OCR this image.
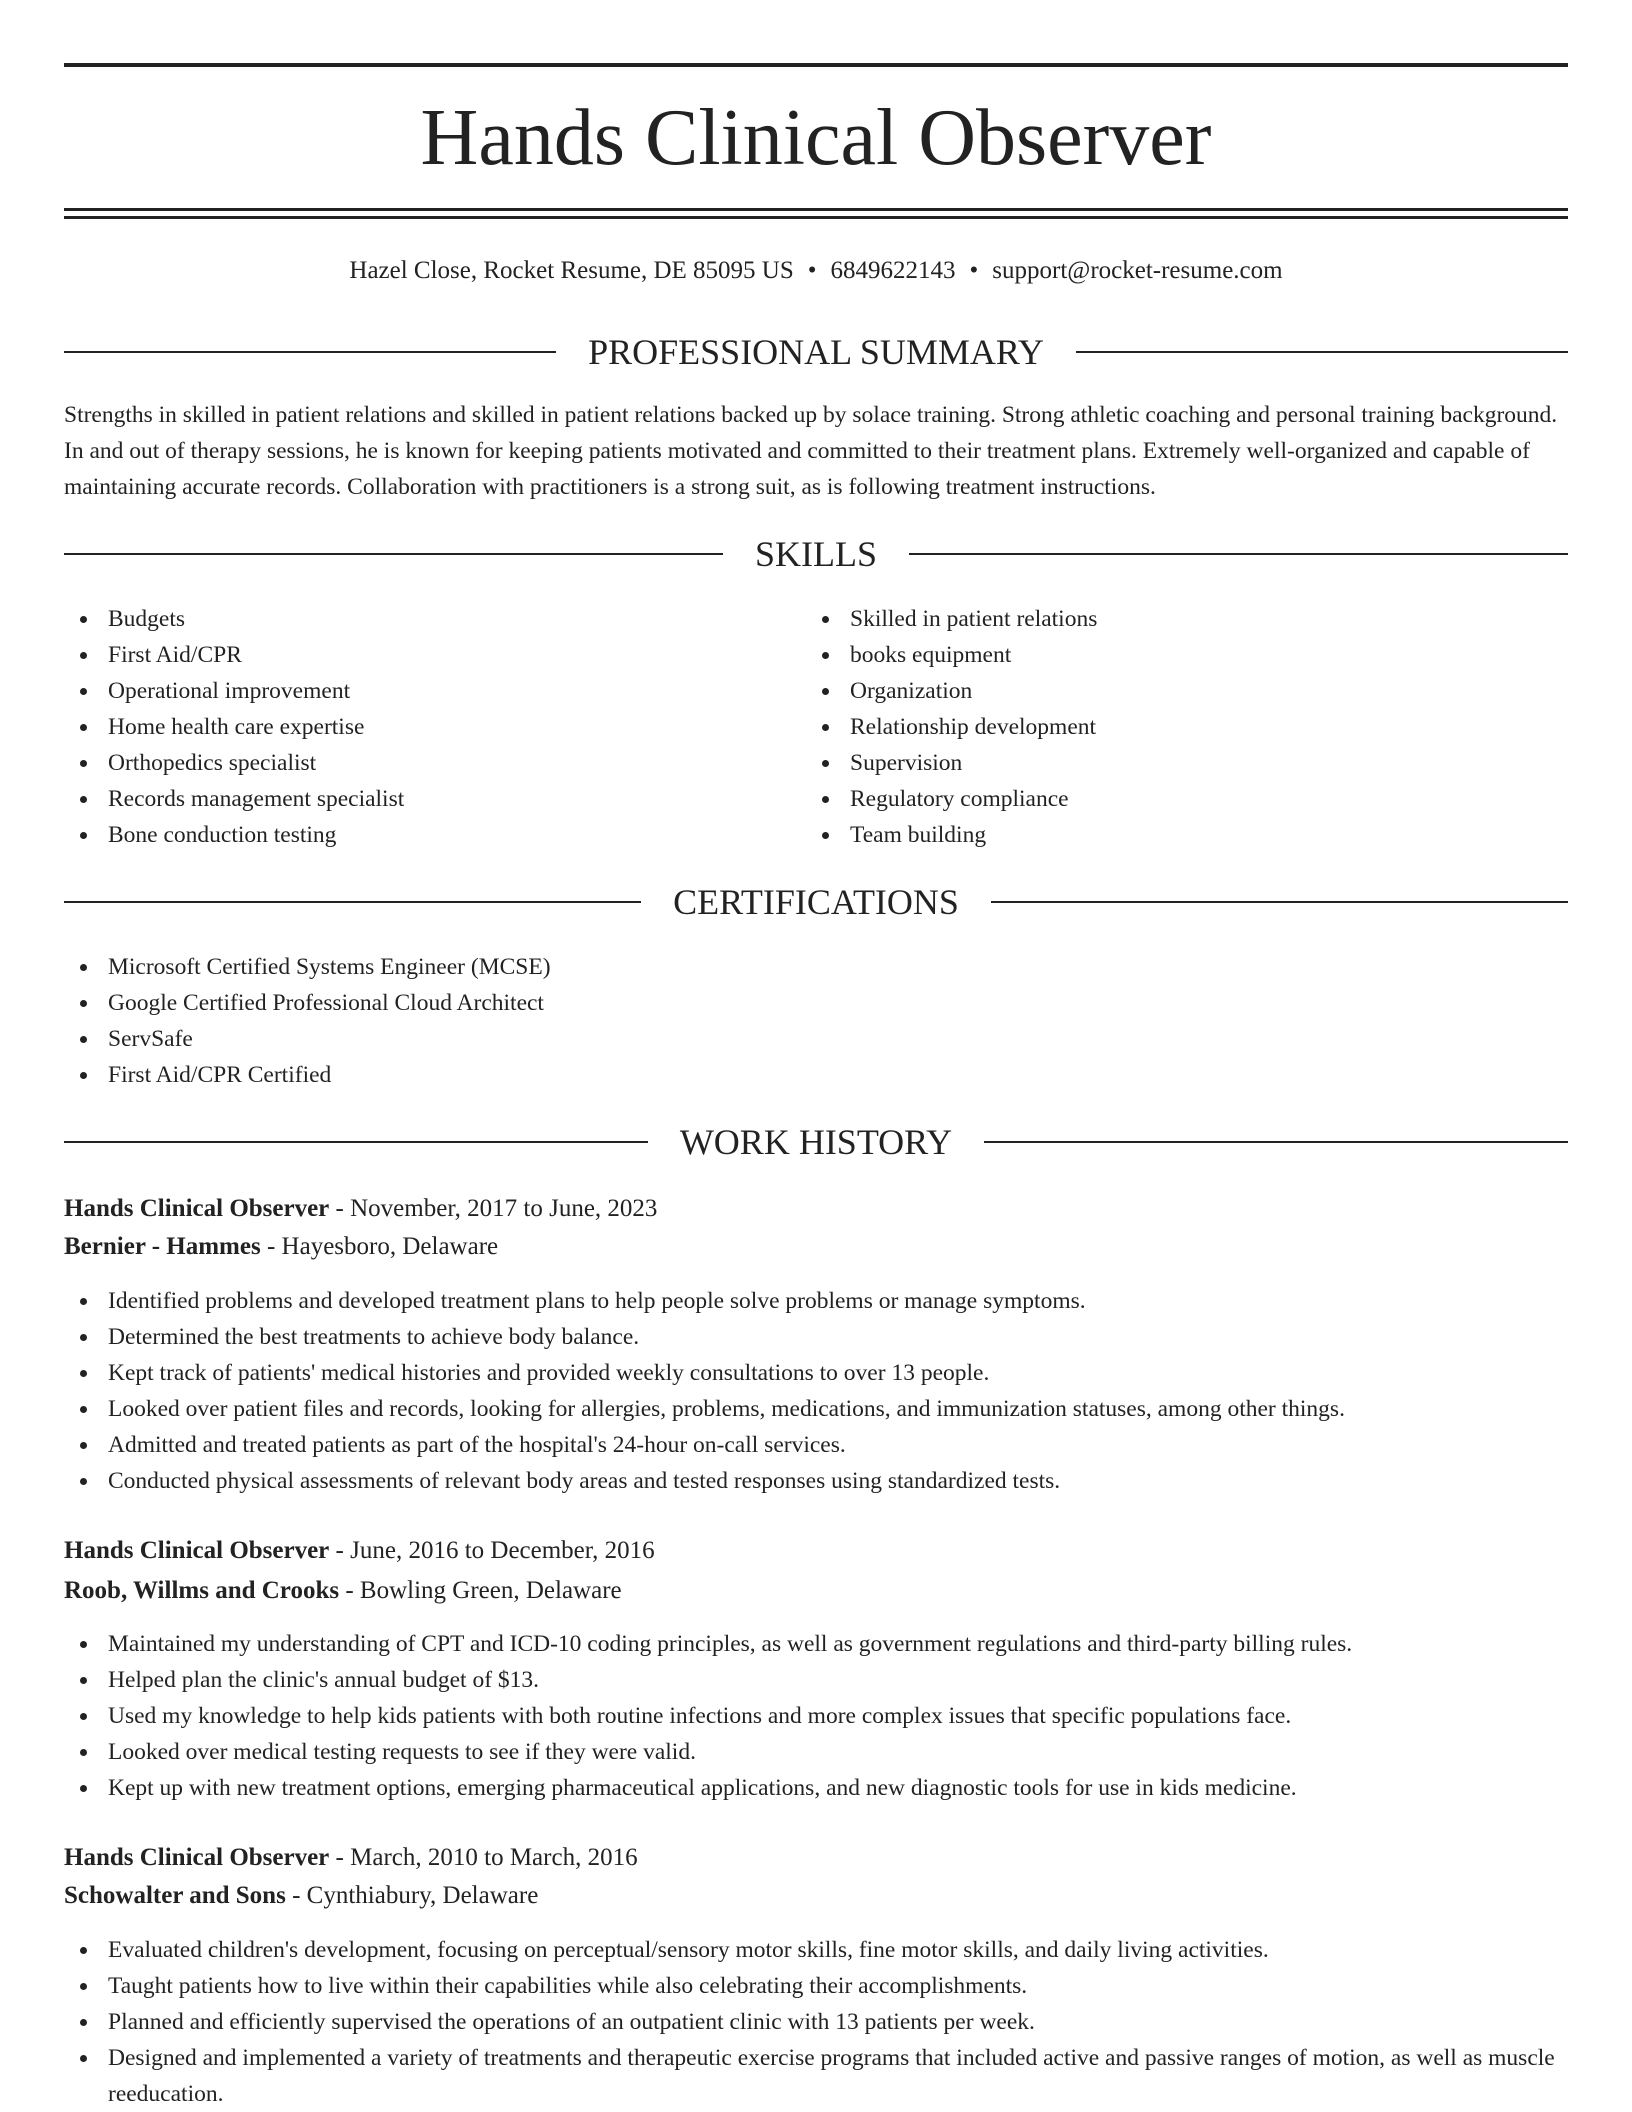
Hands Clinical Observer
Hazel Close, Rocket Resume, DE 85095 US • 6849622143 • support@rocket-resume.com
PROFESSIONAL SUMMARY
Strengths in skilled in patient relations and skilled in patient relations backed up by solace training. Strong athletic coaching and personal training background. In and out of therapy sessions, he is known for keeping patients motivated and committed to their treatment plans. Extremely well-organized and capable of maintaining accurate records. Collaboration with practitioners is a strong suit, as is following treatment instructions.
SKILLS
Budgets
First Aid/CPR
Operational improvement
Home health care expertise
Orthopedics specialist
Records management specialist
Bone conduction testing
Skilled in patient relations
books equipment
Organization
Relationship development
Supervision
Regulatory compliance
Team building
CERTIFICATIONS
Microsoft Certified Systems Engineer (MCSE)
Google Certified Professional Cloud Architect
ServSafe
First Aid/CPR Certified
WORK HISTORY
Hands Clinical Observer - November, 2017 to June, 2023
Bernier - Hammes - Hayesboro, Delaware
Identified problems and developed treatment plans to help people solve problems or manage symptoms.
Determined the best treatments to achieve body balance.
Kept track of patients' medical histories and provided weekly consultations to over 13 people.
Looked over patient files and records, looking for allergies, problems, medications, and immunization statuses, among other things.
Admitted and treated patients as part of the hospital's 24-hour on-call services.
Conducted physical assessments of relevant body areas and tested responses using standardized tests.
Hands Clinical Observer - June, 2016 to December, 2016
Roob, Willms and Crooks - Bowling Green, Delaware
Maintained my understanding of CPT and ICD-10 coding principles, as well as government regulations and third-party billing rules.
Helped plan the clinic's annual budget of $13.
Used my knowledge to help kids patients with both routine infections and more complex issues that specific populations face.
Looked over medical testing requests to see if they were valid.
Kept up with new treatment options, emerging pharmaceutical applications, and new diagnostic tools for use in kids medicine.
Hands Clinical Observer - March, 2010 to March, 2016
Schowalter and Sons - Cynthiabury, Delaware
Evaluated children's development, focusing on perceptual/sensory motor skills, fine motor skills, and daily living activities.
Taught patients how to live within their capabilities while also celebrating their accomplishments.
Planned and efficiently supervised the operations of an outpatient clinic with 13 patients per week.
Designed and implemented a variety of treatments and therapeutic exercise programs that included active and passive ranges of motion, as well as muscle reeducation.
